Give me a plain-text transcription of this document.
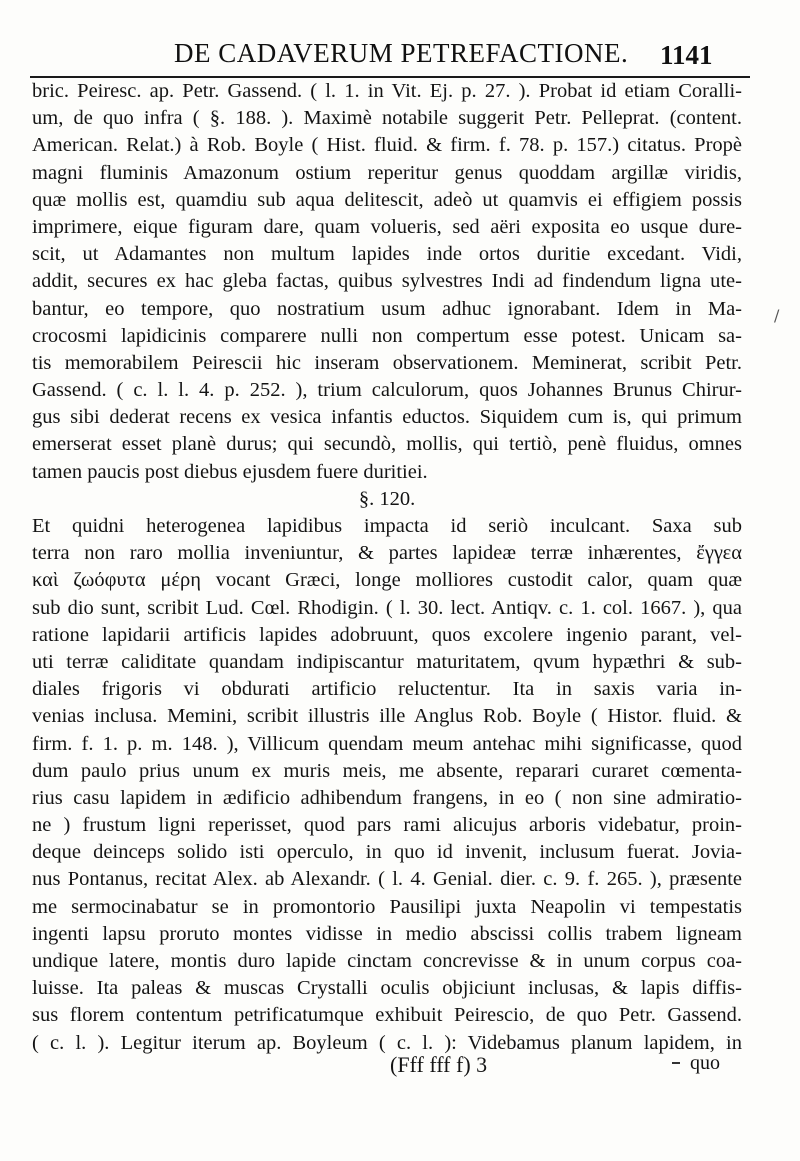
DE CADAVERUM PETREFACTIONE. 1141
bric. Peiresc. ap. Petr. Gassend. ( l. 1. in Vit. Ej. p. 27. ). Probat id etiam Coralli-
um, de quo infra ( §. 188. ). Maximè notabile suggerit Petr. Pelleprat. (content.
American. Relat.) à Rob. Boyle ( Hist. fluid. & firm. f. 78. p. 157.) citatus. Propè
magni fluminis Amazonum ostium reperitur genus quoddam argillæ viridis,
quæ mollis est, quamdiu sub aqua delitescit, adeò ut quamvis ei effigiem possis
imprimere, eique figuram dare, quam volueris, sed aëri exposita eo usque dure-
scit, ut Adamantes non multum lapides inde ortos duritie excedant. Vidi,
addit, secures ex hac gleba factas, quibus sylvestres Indi ad findendum ligna ute-
bantur, eo tempore, quo nostratium usum adhuc ignorabant. Idem in Ma-
crocosmi lapidicinis comparere nulli non compertum esse potest. Unicam sa-
tis memorabilem Peirescii hic inseram observationem. Meminerat, scribit Petr.
Gassend. ( c. l. l. 4. p. 252. ), trium calculorum, quos Johannes Brunus Chirur-
gus sibi dederat recens ex vesica infantis eductos. Siquidem cum is, qui primum
emerserat esset planè durus; qui secundò, mollis, qui tertiò, penè fluidus, omnes
tamen paucis post diebus ejusdem fuere duritiei.
§. 120.
Et quidni heterogenea lapidibus impacta id seriò inculcant. Saxa sub
terra non raro mollia inveniuntur, & partes lapideæ terræ inhærentes, ἔγγεα
καὶ ζωόφυτα μέρη vocant Græci, longe molliores custodit calor, quam quæ
sub dio sunt, scribit Lud. Cœl. Rhodigin. ( l. 30. lect. Antiqv. c. 1. col. 1667. ), qua
ratione lapidarii artificis lapides adobruunt, quos excolere ingenio parant, vel-
uti terræ caliditate quandam indipiscantur maturitatem, qvum hypæthri & sub-
diales frigoris vi obdurati artificio reluctentur. Ita in saxis varia in-
venias inclusa. Memini, scribit illustris ille Anglus Rob. Boyle ( Histor. fluid. &
firm. f. 1. p. m. 148. ), Villicum quendam meum antehac mihi significasse, quod
dum paulo prius unum ex muris meis, me absente, reparari curaret cœmenta-
rius casu lapidem in ædificio adhibendum frangens, in eo ( non sine admiratio-
ne ) frustum ligni reperisset, quod pars rami alicujus arboris videbatur, proin-
deque deinceps solido isti operculo, in quo id invenit, inclusum fuerat. Jovia-
nus Pontanus, recitat Alex. ab Alexandr. ( l. 4. Genial. dier. c. 9. f. 265. ), præsente
me sermocinabatur se in promontorio Pausilipi juxta Neapolin vi tempestatis
ingenti lapsu proruto montes vidisse in medio abscissi collis trabem ligneam
undique latere, montis duro lapide cinctam concrevisse & in unum corpus coa-
luisse. Ita paleas & muscas Crystalli oculis objiciunt inclusas, & lapis diffis-
sus florem contentum petrificatumque exhibuit Peirescio, de quo Petr. Gassend.
( c. l. ). Legitur iterum ap. Boyleum ( c. l. ): Videbamus planum lapidem, in
/
(Fff fff f) 3	quo
